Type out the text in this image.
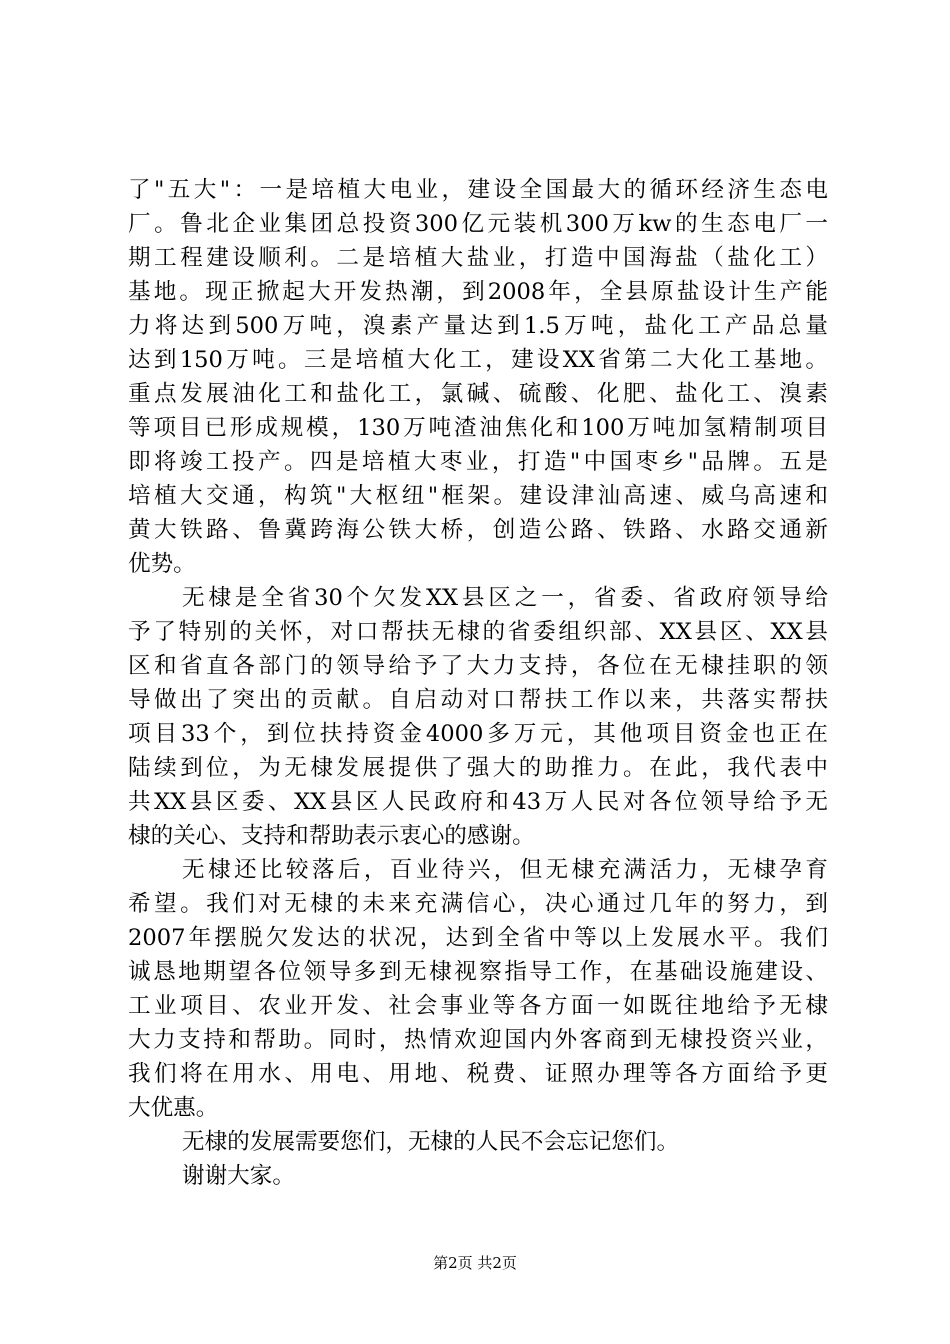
了"五大"：一是培植大电业，建设全国最大的循环经济生态电
厂。鲁北企业集团总投资300亿元装机300万kw的生态电厂一
期工程建设顺利。二是培植大盐业，打造中国海盐（盐化工）
基地。现正掀起大开发热潮，到2008年，全县原盐设计生产能
力将达到500万吨，溴素产量达到1.5万吨，盐化工产品总量
达到150万吨。三是培植大化工，建设XX省第二大化工基地。
重点发展油化工和盐化工，氯碱、硫酸、化肥、盐化工、溴素
等项目已形成规模，130万吨渣油焦化和100万吨加氢精制项目
即将竣工投产。四是培植大枣业，打造"中国枣乡"品牌。五是
培植大交通，构筑"大枢纽"框架。建设津汕高速、威乌高速和
黄大铁路、鲁冀跨海公铁大桥，创造公路、铁路、水路交通新
优势。
无棣是全省30个欠发XX县区之一，省委、省政府领导给
予了特别的关怀，对口帮扶无棣的省委组织部、XX县区、XX县
区和省直各部门的领导给予了大力支持，各位在无棣挂职的领
导做出了突出的贡献。自启动对口帮扶工作以来，共落实帮扶
项目33个，到位扶持资金4000多万元，其他项目资金也正在
陆续到位，为无棣发展提供了强大的助推力。在此，我代表中
共XX县区委、XX县区人民政府和43万人民对各位领导给予无
棣的关心、支持和帮助表示衷心的感谢。
无棣还比较落后，百业待兴，但无棣充满活力，无棣孕育
希望。我们对无棣的未来充满信心，决心通过几年的努力，到
2007年摆脱欠发达的状况，达到全省中等以上发展水平。我们
诚恳地期望各位领导多到无棣视察指导工作，在基础设施建设、
工业项目、农业开发、社会事业等各方面一如既往地给予无棣
大力支持和帮助。同时，热情欢迎国内外客商到无棣投资兴业，
我们将在用水、用电、用地、税费、证照办理等各方面给予更
大优惠。
无棣的发展需要您们，无棣的人民不会忘记您们。
谢谢大家。
第2页 共2页
